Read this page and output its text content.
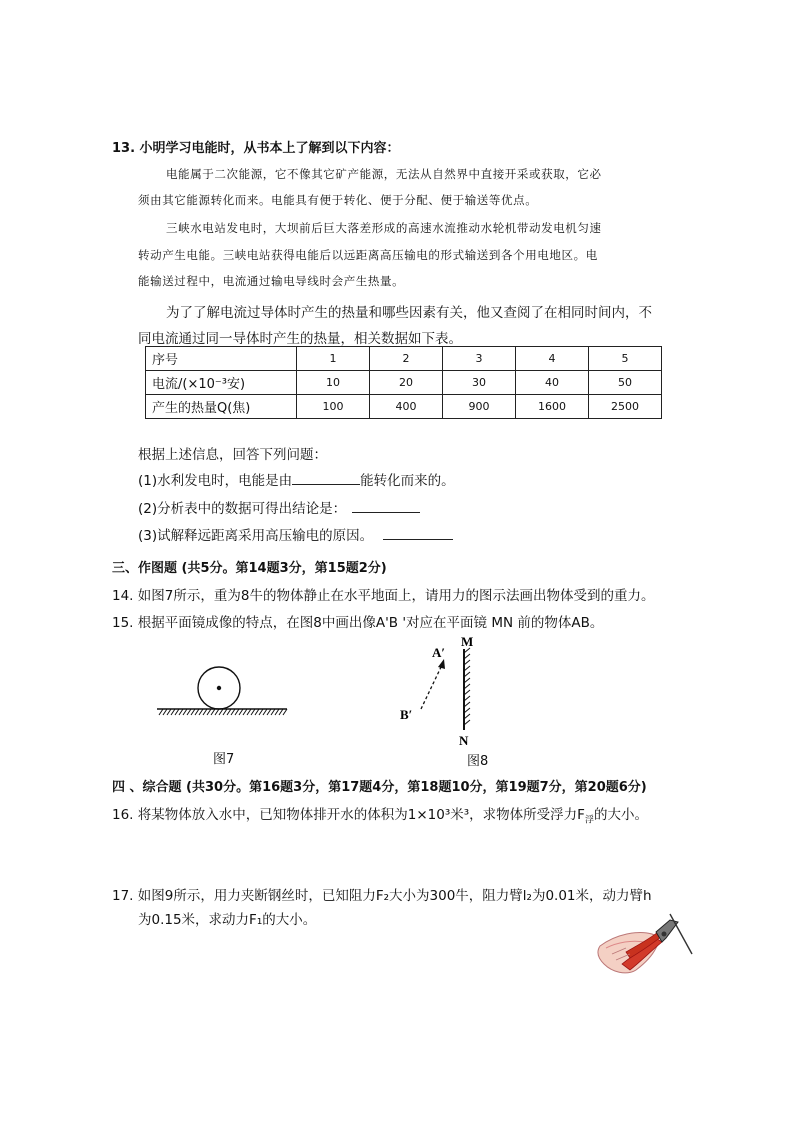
13. 小明学习电能时，从书本上了解到以下内容：
电能属于二次能源，它不像其它矿产能源，无法从自然界中直接开采或获取，它必
须由其它能源转化而来。电能具有便于转化、便于分配、便于输送等优点。
三峡水电站发电时，大坝前后巨大落差形成的高速水流推动水轮机带动发电机匀速
转动产生电能。三峡电站获得电能后以远距离高压输电的形式输送到各个用电地区。电
能输送过程中，电流通过输电导线时会产生热量。
为了了解电流过导体时产生的热量和哪些因素有关，他又查阅了在相同时间内，不
同电流通过同一导体时产生的热量，相关数据如下表。
序号	1	2	3	4	5
电流/(×10⁻³安)	10	20	30	40	50
产生的热量Q(焦)	100	400	900	1600	2500
根据上述信息，回答下列问题：
(1)水利发电时，电能是由	能转化而来的。
(2)分析表中的数据可得出结论是：
(3)试解释远距离采用高压输电的原因。
三、作图题 (共5分。第14题3分，第15题2分)
14. 如图7所示，重为8牛的物体静止在水平地面上，请用力的图示法画出物体受到的重力。
15. 根据平面镜成像的特点，在图8中画出像A'B '对应在平面镜 MN 前的物体AB。
图7
A′
B′
M
N
图8
四 、综合题 (共30分。第16题3分，第17题4分，第18题10分，第19题7分，第20题6分)
16. 将某物体放入水中，已知物体排开水的体积为1×10³米³，求物体所受浮力$F_浮$的大小。
17. 如图9所示，用力夹断钢丝时，已知阻力F₂大小为300牛，阻力臂l₂为0.01米，动力臂h
为0.15米，求动力F₁的大小。
